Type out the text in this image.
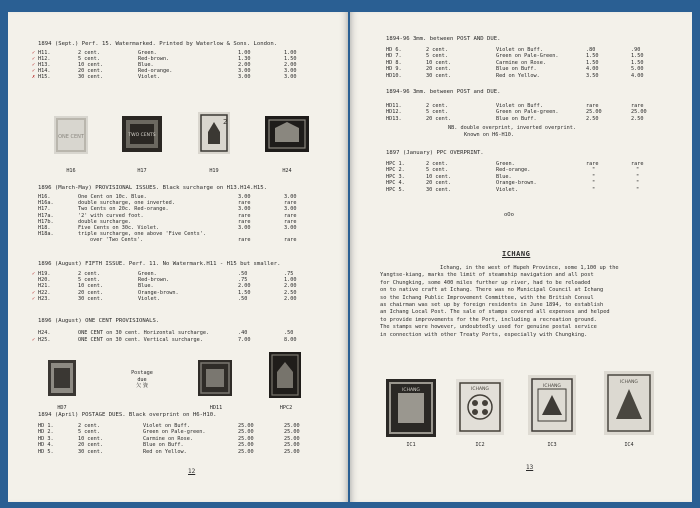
1894 (Sept.) Perf. 15. Watermarked. Printed by Waterlow & Sons. London.
✓ H11.	2 cent.	Green.	1.00	1.00
✓ H12.	5 cent.	Red-brown.	1.30	1.50
✓ H13.	10 cent.	Blue.	2.00	2.00
✓ H14.	20 cent.	Red-orange.	3.00	3.00
✗ H15.	30 cent.	Violet.	3.00	3.00
ONE CENT
H16
TWO CENTS
H17
2
H19	H24
1896 (March-May) PROVISIONAL ISSUES. Black surcharge on H13.H14.H15.
H16.	One Cent on 10c. Blue.	3.00	3.00
H16a.	double surcharge, one inverted.	rare	rare
H17.	Two Cents on 20c. Red-orange.	3.00	3.00
H17a.	'2' with curved foot.	rare	rare
H17b.	double surcharge.	rare	rare
H18.	Five Cents on 30c. Violet.	3.00	3.00
H18a.	triple surcharge, one above 'Five Cents'.
over 'Two Cents'.	rare	rare
1896 (August) FIFTH ISSUE. Perf. 11. No Watermark.H11 - H15 but smaller.
✓ H19.	2 cent.	Green.	.50	.75
H20.	5 cent.	Red-brown.	.75	1.00
H21.	10 cent.	Blue.	2.00	2.00
✓ H22.	20 cent.	Orange-brown.	1.50	2.50
✓ H23.	30 cent.	Violet.	.50	2.00
1896 (August) ONE CENT PROVISIONALS.
H24.	ONE CENT on 30 cent. Horizontal surcharge.	.40	.50
✓ H25.	ONE CENT on 30 cent. Vertical surcharge.	7.00	8.00
HD7
Postage
due
欠 資
HD11	HPC2
1894 (April) POSTAGE DUES. Black overprint on H6-H10.
HD 1.	2 cent.	Violet on Buff.	25.00	25.00
HD 2.	5 cent.	Green on Pale-green.	25.00	25.00
HD 3.	10 cent.	Carmine on Rose.	25.00	25.00
HD 4.	20 cent.	Blue on Buff.	25.00	25.00
HD 5.	30 cent.	Red on Yellow.	25.00	25.00
12
1894-96 3mm. between POST AND DUE.
HD 6.	2 cent.	Violet on Buff.	.80	.90
HD 7.	5 cent.	Green on Pale-Green.	1.50	1.50
HD 8.	10 cent.	Carmine on Rose.	1.50	1.50
HD 9.	20 cent.	Blue on Buff.	4.00	5.00
HD10.	30 cent.	Red on Yellow.	3.50	4.00
1894-96 3mm. between POST and DUE.
HD11.	2 cent.	Violet on Buff.	rare	rare
HD12.	5 cent.	Green on Pale-green.	25.00	25.00
HD13.	20 cent.	Blue on Buff.	2.50	2.50
NB. double overprint, inverted overprint.
Known on H6-H10.
1897 (January) PPC OVERPRINT.
HPC 1.	2 cent.	Green.	rare	rare
HPC 2.	5 cent.	Red-orange.	"	"
HPC 3.	10 cent.	Blue.	"	"
HPC 4.	20 cent.	Orange-brown.	"	"
HPC 5.	30 cent.	Violet.	"	"
oOo
ICHANG
Ichang, in the west of Hupeh Province, some 1,100 up the
Yangtse-kiang, marks the limit of steamship navigation and all post
for Chungking, some 400 miles further up river, had to be reloaded
on to native craft at Ichang. There was no Municipal Council at Ichang
so the Ichang Public Improvement Committee, with the British Consul
as chairman was set up by foreign residents in June 1894, to establish
an Ichang Local Post. The sale of stamps covered all expenses and helped
to provide improvements for the Port, including a recreation ground.
The stamps were however, undoubtedly used for genuine postal service
in connection with other Treaty Ports, especially with Chungking.
ICHANG
IC1
ICHANG
IC2
ICHANG
IC3
ICHANG
IC4
13
